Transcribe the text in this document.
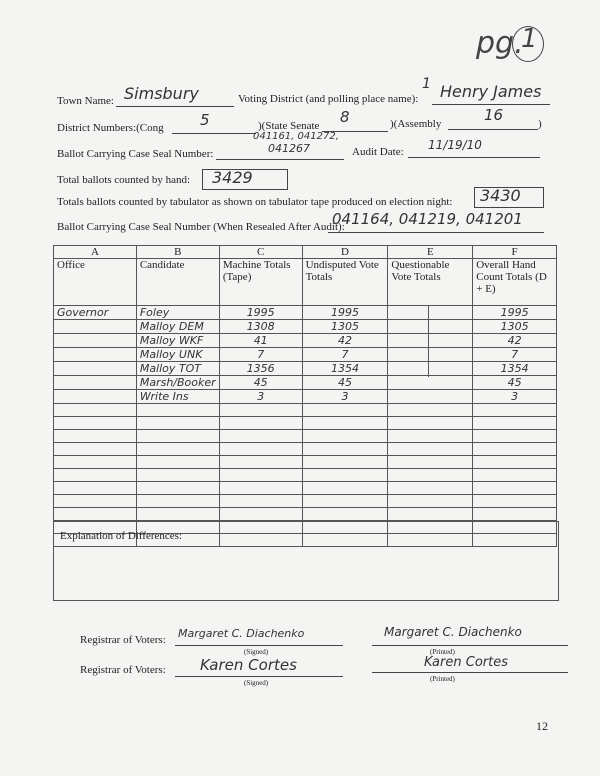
pg.
1
Town Name: Simsbury	Voting District (and polling place name):
1 Henry James
District Numbers:(Cong 5	)(State Senate 8	)(Assembly	16	)
Ballot Carrying Case Seal Number:
041161, 041272,
041267	Audit Date: 11/19/10
Total ballots counted by hand: 3429
Totals ballots counted by tabulator as shown on tabulator tape produced on election night: 3430
Ballot Carrying Case Seal Number (When Resealed After Audit):
041164, 041219, 041201
A	B	C	D	E	F
Office	Candidate	Machine Totals (Tape)	Undisputed Vote Totals	Questionable Vote Totals	Overall Hand Count Totals (D + E)
Governor	Foley	1995	1995		1995
	Malloy DEM	1308	1305		1305
	Malloy WKF	41	42		42
	Malloy UNK	7	7		7
	Malloy TOT	1356	1354		1354
	Marsh/Booker	45	45		45
	Write Ins	3	3		3

Explanation of Differences:
Registrar of Voters: Margaret C. Diachenko
(Signed)
Margaret C. Diachenko
(Printed)
Registrar of Voters: Karen Cortes
(Signed)
Karen Cortes
(Printed)
12
